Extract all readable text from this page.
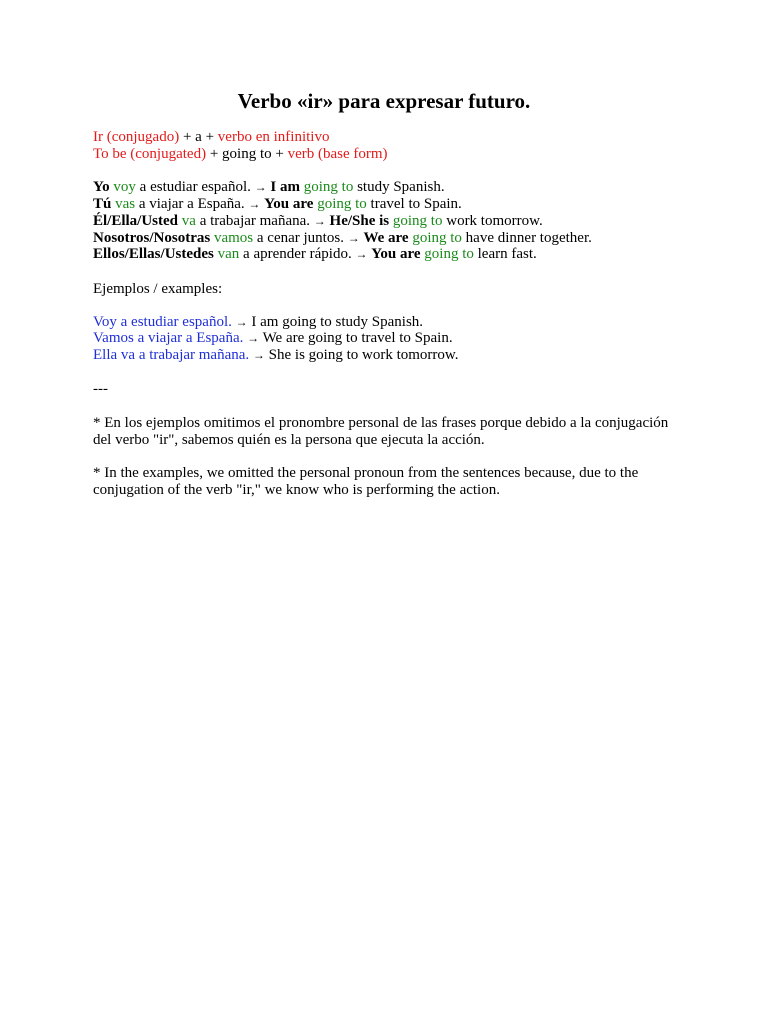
Verbo «ir» para expresar futuro.
Ir (conjugado) + a + verbo en infinitivo
To be (conjugated) + going to + verb (base form)
Yo voy a estudiar español. → I am going to study Spanish.
Tú vas a viajar a España. → You are going to travel to Spain.
Él/Ella/Usted va a trabajar mañana. → He/She is going to work tomorrow.
Nosotros/Nosotras vamos a cenar juntos. → We are going to have dinner together.
Ellos/Ellas/Ustedes van a aprender rápido. → You are going to learn fast.
Ejemplos / examples:
Voy a estudiar español. → I am going to study Spanish.
Vamos a viajar a España. → We are going to travel to Spain.
Ella va a trabajar mañana. → She is going to work tomorrow.
---
* En los ejemplos omitimos el pronombre personal de las frases porque debido a la conjugación del verbo "ir", sabemos quién es la persona que ejecuta la acción.
* In the examples, we omitted the personal pronoun from the sentences because, due to the conjugation of the verb "ir," we know who is performing the action.
